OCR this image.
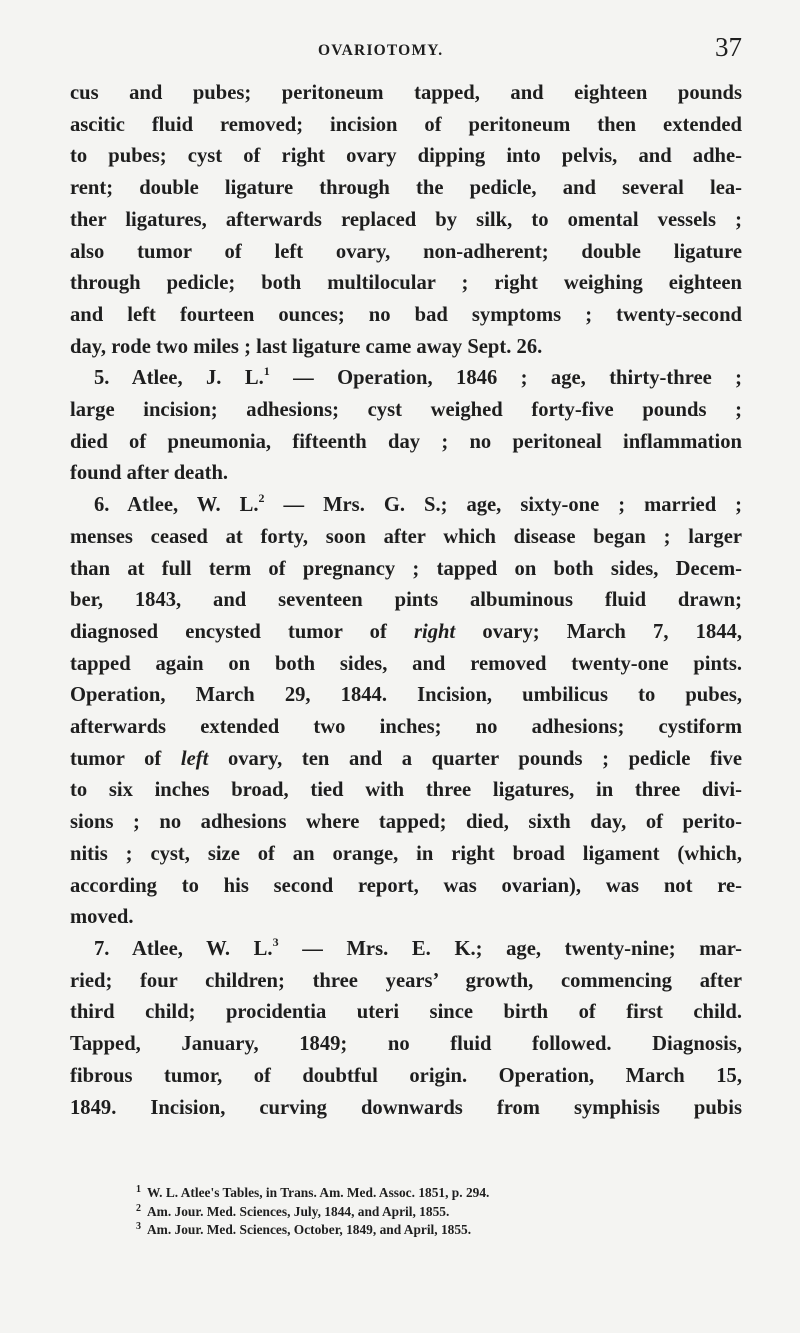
OVARIOTOMY.	37
cus and pubes; peritoneum tapped, and eighteen pounds
ascitic fluid removed; incision of peritoneum then extended
to pubes; cyst of right ovary dipping into pelvis, and adhe-
rent; double ligature through the pedicle, and several lea-
ther ligatures, afterwards replaced by silk, to omental vessels ;
also tumor of left ovary, non-adherent; double ligature
through pedicle; both multilocular ; right weighing eighteen
and left fourteen ounces; no bad symptoms ; twenty-second
day, rode two miles ; last ligature came away Sept. 26.
5. Atlee, J. L.$^1$ — Operation, 1846 ; age, thirty-three ;
large incision; adhesions; cyst weighed forty-five pounds ;
died of pneumonia, fifteenth day ; no peritoneal inflammation
found after death.
6. Atlee, W. L.$^2$ — Mrs. G. S.; age, sixty-one ; married ;
menses ceased at forty, soon after which disease began ; larger
than at full term of pregnancy ; tapped on both sides, Decem-
ber, 1843, and seventeen pints albuminous fluid drawn;
diagnosed encysted tumor of right ovary; March 7, 1844,
tapped again on both sides, and removed twenty-one pints.
Operation, March 29, 1844. Incision, umbilicus to pubes,
afterwards extended two inches; no adhesions; cystiform
tumor of left ovary, ten and a quarter pounds ; pedicle five
to six inches broad, tied with three ligatures, in three divi-
sions ; no adhesions where tapped; died, sixth day, of perito-
nitis ; cyst, size of an orange, in right broad ligament (which,
according to his second report, was ovarian), was not re-
moved.
7. Atlee, W. L.$^3$ — Mrs. E. K.; age, twenty-nine; mar-
ried; four children; three years’ growth, commencing after
third child; procidentia uteri since birth of first child.
Tapped, January, 1849; no fluid followed. Diagnosis,
fibrous tumor, of doubtful origin. Operation, March 15,
1849. Incision, curving downwards from symphisis pubis
$^1$ W. L. Atlee's Tables, in Trans. Am. Med. Assoc. 1851, p. 294.
$^2$ Am. Jour. Med. Sciences, July, 1844, and April, 1855.
$^3$ Am. Jour. Med. Sciences, October, 1849, and April, 1855.
